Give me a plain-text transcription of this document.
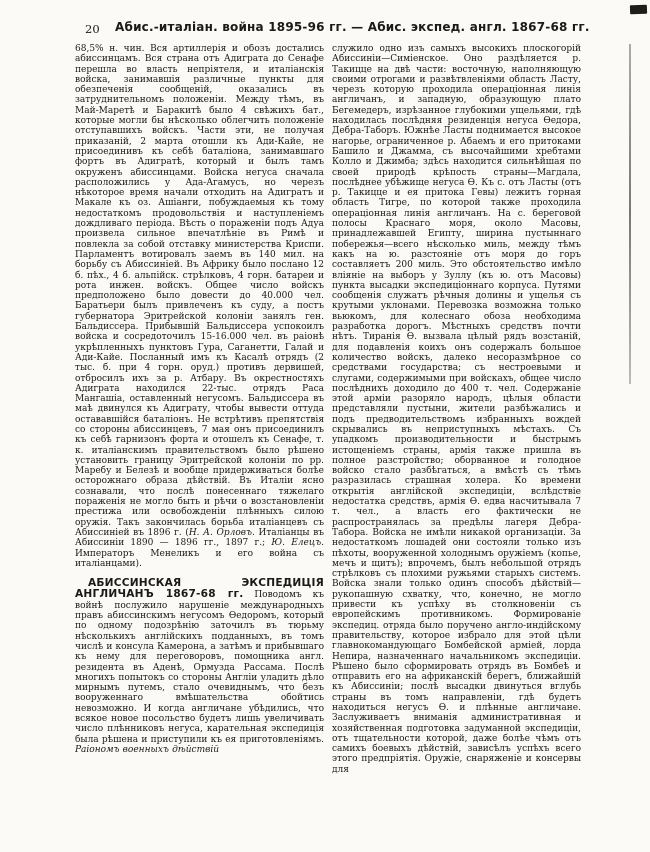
20	Абис.-италіан. война 1895-96 гг. — Абис. экспед. англ. 1867-68 гг.

68,5% н. чин. Вся артиллерія и обозъ достались абиссинцамъ. Вся страна отъ Адиграта до Сенафе перешла во власть непріятеля, и италіанскія войска, занимавшія различные пункты для обезпеченія сообщеній, оказались въ затруднительномъ положеніи. Между тѣмъ, въ Май-Маретѣ и Баракитѣ было 4 свѣжихъ бат., которые могли бы нѣсколько облегчить положеніе отступавшихъ войскъ. Части эти, не получая приказаній, 2 марта отошли къ Ади-Кайе, не присоединивъ къ себѣ баталіона, занимавшаго фортъ въ Адигратѣ, который и былъ тамъ окруженъ абиссинцами. Войска негуса сначала расположились у Ада-Агамусъ, но черезъ нѣкоторое время начали отходить на Адигратъ и Макале къ оз. Ашіанги, побуждаемыя къ тому недостаткомъ продовольствія и наступленіемъ дождливаго періода. Вѣсть о пораженіи подъ Адуа произвела сильное впечатлѣніе въ Римѣ и повлекла за собой отставку министерства Криспи. Парламентъ вотировалъ заемъ въ 140 мил. на борьбу съ Абиссиніей. Въ Африку было послано 12 б. пѣх., 4 б. альпійск. стрѣлковъ, 4 горн. батареи и рота инжен. войскъ. Общее число войскъ предположено было довести до 40.000 чел. Баратьери былъ привлеченъ къ суду, а постъ губернатора Эритрейской колоніи занялъ ген. Бальдиссера. Прибывшій Бальдиссера успокоилъ войска и сосредоточилъ 15-16.000 чел. въ раіонѣ укрѣпленныхъ пунктовъ Гура, Саганетти, Галай и Ади-Кайе. Посланный имъ къ Касалѣ отрядъ (2 тыс. б. при 4 горн. оруд.) противъ дервишей, отбросилъ ихъ за р. Атбару. Въ окрестностяхъ Адиграта находился 22-тыс. отрядъ Раса Мангашіа, оставленный негусомъ. Бальдиссера въ маѣ двинулся къ Адиграту, чтобы вывести оттуда остававшійся баталіонъ. Не встрѣтивъ препятствія со стороны абиссинцевъ, 7 мая онъ присоединилъ къ себѣ гарнизонъ форта и отошелъ къ Сенафе, т. к. италіанскимъ правительствомъ было рѣшено установить границу Эритрейской колоніи по рр. Маребу и Белезѣ и вообще придерживаться болѣе осторожнаго образа дѣйствій. Въ Италіи ясно сознавали, что послѣ понесеннаго тяжелаго пораженія не могло быть и рѣчи о возстановленіи престижа или освобожденіи плѣнныхъ силою оружія. Такъ закончилась борьба италіанцевъ съ Абиссиніей въ 1896 г. (Н. А. Орловъ. Италіанцы въ Абиссиніи 1890 — 1896 гг., 1897 г.; Ю. Елецъ. Императоръ Менеликъ и его война съ италіанцами).

АБИССИНСКАЯ ЭКСПЕДИЦІЯ АНГЛИЧАНЪ 1867-68 гг. Поводомъ къ войнѣ послужило нарушеніе международныхъ правъ абиссинскимъ негусомъ Ѳедоромъ, который по одному подозрѣнію заточилъ въ тюрьму нѣсколькихъ англійскихъ подданныхъ, въ томъ числѣ и консула Камерона, а затѣмъ и прибывшаго къ нему для переговоровъ, помощника англ. резидента въ Аденѣ, Ормузда Рассама. Послѣ многихъ попытокъ со стороны Англіи уладить дѣло мирнымъ путемъ, стало очевиднымъ, что безъ вооруженнаго вмѣшательства обойтись невозможно. И когда англичане убѣдились, что всякое новое посольство будетъ лишь увеличивать число плѣнниковъ негуса, карательная экспедиція была рѣшена и приступили къ ея приготовленіямъ. Раіономъ военныхъ дѣйствій

служило одно изъ самыхъ высокихъ плоскогорій Абиссиніи—Симіенское. Оно раздѣляется р. Такицце на двѣ части: восточную, наполняющую своими отрогами и развѣтвленіями область Ласту, черезъ которую проходила операціонная линія англичанъ, и западную, образующую плато Бегемедеръ, изрѣзанное глубокими ущельями, гдѣ находилась послѣдняя резиденція негуса Ѳедора, Дебра-Таборъ. Южнѣе Ласты поднимается высокое нагорье, ограниченное р. Абаемъ и его притоками Башило и Джамма, съ высочайшими хребтами Колло и Джимба; здѣсь находится сильнѣйшая по своей природѣ крѣпость страны—Магдала, послѣднее убѣжище негуса Ѳ. Къ с. отъ Ласты (отъ р. Такицце и ея притока Гевы) лежитъ горная область Тигре, по которой также проходила операціонная линія англичанъ. На с. береговой полосы Краснаго моря, около Масовы, принадлежавшей Египту, ширина пустыннаго побережья—всего нѣсколько миль, между тѣмъ какъ на ю. разстояніе отъ моря до горъ составляетъ 200 миль. Это обстоятельство имѣло вліяніе на выборъ у Зуллу (къ ю. отъ Масовы) пункта высадки экспедиціоннаго корпуса. Путями сообщенія служатъ рѣчныя долины и ущелья съ крутыми уклонами. Перевозка возможна только вьюкомъ, для колеснаго обоза необходима разработка дорогъ. Мѣстныхъ средствъ почти нѣтъ. Тиранія Ѳ. вызвала цѣлый рядъ возстаній, для подавленія коихъ онъ содержалъ большое количество войскъ, далеко несоразмѣрное со средствами государства; съ нестроевыми и слугами, содержимыми при войскахъ, общее число послѣднихъ доходило до 400 т. чел. Содержаніе этой арміи разоряло народъ, цѣлыя области представляли пустыни, жители разбѣжались и подъ предводительствомъ избранныхъ вождей скрывались въ неприступныхъ мѣстахъ. Съ упадкомъ производительности и быстрымъ истощеніемъ страны, армія также пришла въ полное разстройство; оборванное и голодное войско стало разбѣгаться, а вмѣстѣ съ тѣмъ разразилась страшная холера. Ко времени открытія англійской экспедиціи, вслѣдствіе недостатка средствъ, армія Ѳ. едва насчитывала 7 т. чел., а власть его фактически не распространялась за предѣлы лагеря Дебра-Табора. Войска не имѣли никакой организаціи. За недостаткомъ лошадей они состояли только изъ пѣхоты, вооруженной холоднымъ оружіемъ (копье, мечъ и щитъ); впрочемъ, былъ небольшой отрядъ стрѣлковъ съ плохими ружьями старыхъ системъ. Войска знали только одинъ способъ дѣйствій—рукопашную схватку, что, конечно, не могло привести къ успѣху въ столкновеніи съ европейскимъ противникомъ. Формированіе экспедиц. отряда было поручено англо-индійскому правительству, которое избрало для этой цѣли главнокомандующаго Бомбейской арміей, лорда Непира, назначеннаго начальникомъ экспедиціи. Рѣшено было сформировать отрядъ въ Бомбеѣ и отправить его на африканскій берегъ, ближайшій къ Абиссиніи; послѣ высадки двинуться вглубь страны въ томъ направленіи, гдѣ будетъ находиться негусъ Ѳ. и плѣнные англичане. Заслуживаетъ вниманія административная и хозяйственная подготовка задуманной экспедиціи, отъ тщательности которой, даже болѣе чѣмъ отъ самихъ боевыхъ дѣйствій, зависѣлъ успѣхъ всего этого предпріятія. Оружіе, снаряженіе и консервы для
